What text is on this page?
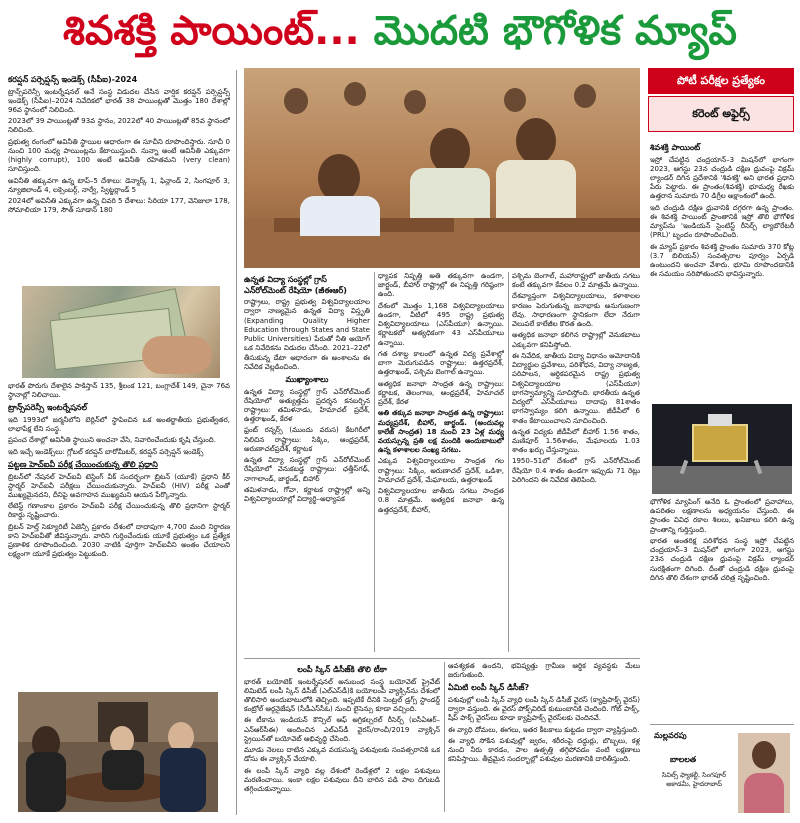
శివశక్తి పాయింట్... మొదటి భౌగోళిక మ్యాప్
కరప్షన్ పర్సెప్షన్స్ ఇండెక్స్ (సీపీఐ)-2024

ట్రాన్స్‌పరెన్సీ ఇంటర్నేషనల్ అనే సంస్థ విడుదల చేసిన వార్షిక కరప్షన్ పర్సెప్షన్స్ ఇండెక్స్ (సీపీఐ)–2024 నివేదికలో భారత్ 38 పాయింట్లతో మొత్తం 180 దేశాల్లో 96వ స్థానంలో నిలిచింది.

2023లో 39 పాయింట్లతో 93వ స్థానం, 2022లో 40 పాయింట్లతో 85వ స్థానంలో నిలిచింది.

ప్రభుత్వ రంగంలో అవినీతి స్థాయిల ఆధారంగా ఈ సూచీని రూపొందిస్తారు. సూచీ 0 నుంచి 100 మధ్య పాయింట్లను కేటాయిస్తుంది. సున్నా అంటే అవినీతి ఎక్కువగా (highly corrupt), 100 అంటే అవినీతి రహితమని (very clean) సూచిస్తుంది.

అవినీతి తక్కువగా ఉన్న టాప్–5 దేశాలు: డెన్మార్క్ 1, ఫిన్లాండ్ 2, సింగపూర్ 3, న్యూజిలాండ్ 4, లక్సెంబర్గ్, నార్వే, స్విట్జర్లాండ్ 5

2024లో అవినీతి ఎక్కువగా ఉన్న చివరి 5 దేశాలు: సిరియా 177, వెనిజులా 178, సోమాలియా 179, సౌత్ సూడాన్ 180

భారత్ పొరుగు దేశాలైన పాకిస్తాన్ 135, శ్రీలంక 121, బంగ్లాదేశ్ 149, చైనా 76వ స్థానాల్లో నిలిచాయి.

ట్రాన్స్‌పరెన్సీ ఇంటర్నేషనల్

ఇది 1993లో జర్మనీలోని బెర్లిన్‌లో స్థాపించిన ఒక అంతర్జాతీయ ప్రభుత్వేతర, లాభాపేక్ష లేని సంస్థ.

ప్రపంచ దేశాల్లో అవినీతి స్థాయిని అంచనా వేసి, నివారించేందుకు కృషి చేస్తుంది.

ఇది ఇచ్చే ఇండెక్స్‌లు: గ్లోబల్ కరప్షన్ బారోమీటర్, కరప్షన్ పర్సెప్షన్ ఇండెక్స్

పట్టణ హెచ్‌ఐవీ పరీక్ష చేయించుకున్న తొలి ప్రధాని

బ్రిటన్‌లో నేషనల్ హెచ్‌ఐవీ టెస్టింగ్ వీక్ సందర్భంగా బ్రిటన్ (యూకే) ప్రధాని కీర్ స్టార్మర్ హెచ్‌ఐవీ పరీక్షలు చేయించుకున్నారు. హెచ్‌ఐవీ (HIV) పరీక్ష ఎంతో ముఖ్యమైనదని, దీనిపై అవగాహన ముఖ్యమని ఆయన పేర్కొన్నారు.

లేటెస్ట్ గణాంకాల ప్రకారం హెచ్‌ఐవీ పరీక్ష చేయించుకున్న తొలి ప్రధానిగా స్టార్మర్ రికార్డు సృష్టించారు.

బ్రిటన్ హెల్త్ సెక్యూరిటీ ఏజెన్సీ ప్రకారం దేశంలో దాదాపుగా 4,700 మంది నిర్ధారణ కాని హెచ్‌ఐవీతో జీవిస్తున్నారు. వారిని గుర్తించేందుకు యూకే ప్రభుత్వం ఒక ప్రత్యేక ప్రణాళిక రూపొందించింది. 2030 నాటికి పూర్తిగా హెచ్‌ఐవీని అంతం చేయాలని లక్ష్యంగా యూకే ప్రభుత్వం పెట్టుకుంది.

ఉన్నత విద్యా సంస్థల్లో గ్రాస్ ఎన్‌రోల్‌మెంట్ రేషియో (జీఈఆర్)

రాష్ట్రాలు, రాష్ట్ర ప్రభుత్వ విశ్వవిద్యాలయాల ద్వారా నాణ్యమైన ఉన్నత విద్యా విస్తృతి (Expanding Quality Higher Education through States and State Public Universities) పేరుతో నీతి ఆయోగ్ ఒక నివేదికను విడుదల చేసింది. 2021–22లో తీసుకున్న డేటా ఆధారంగా ఈ అంశాలను ఈ నివేదిక వెల్లడించింది.

ముఖ్యాంశాలు

ఉన్నత విద్యా సంస్థల్లో గ్రాస్ ఎన్‌రోల్‌మెంట్ రేషియోలో అత్యుత్తమ ప్రదర్శన కనబర్చిన రాష్ట్రాలు: తమిళనాడు, హిమాచల్ ప్రదేశ్, ఉత్తరాఖండ్, కేరళ

ఫ్రంట్ రన్నర్స్ (ముందు వరుస) కేటగిరీలో నిలిచిన రాష్ట్రాలు: సిక్కిం, ఆంధ్రప్రదేశ్, అరుణాచల్‌ప్రదేశ్, కర్ణాటక

ఉన్నత విద్యా సంస్థల్లో గ్రాస్ ఎన్‌రోల్‌మెంట్ రేషియోలో వెనుకబడ్డ రాష్ట్రాలు: ఛత్తీస్‌గఢ్, నాగాలాండ్, జార్ఖండ్, బిహార్

తమిళనాడు, గోవా, కర్ణాటక రాష్ట్రాల్లో అన్ని విశ్వవిద్యాలయాల్లో విద్యార్థి–అధ్యాపక

ధ్యాపక నిష్పత్తి అతి తక్కువగా ఉండగా, జార్ఖండ్, బీహార్ రాష్ట్రాల్లో ఈ నిష్పత్తి గరిష్ఠంగా ఉంది.

దేశంలో మొత్తం 1,168 విశ్వవిద్యాలయాలు ఉండగా, వీటిలో 495 రాష్ట్ర ప్రభుత్వ విశ్వవిద్యాలయాలు (ఎస్‌పీయూ) ఉన్నాయి. కర్ణాటకలో అత్యధికంగా 43 ఎస్‌పీయూలు ఉన్నాయి.

గత దశాబ్ద కాలంలో ఉన్నత విద్య ప్రవేశాల్లో బాగా మెరుగుపడిన రాష్ట్రాలు: ఉత్తరప్రదేశ్, ఉత్తరాఖండ్, పశ్చిమ బెంగాల్ ఉన్నాయి.

అత్యధిక జనాభా సాంద్రత ఉన్న రాష్ట్రాలు: కర్ణాటక, తెలంగాణ, ఆంధ్రప్రదేశ్, హిమాచల్ ప్రదేశ్, కేరళ

అతి తక్కువ జనాభా సాంద్రత ఉన్న రాష్ట్రాలు: మధ్యప్రదేశ్, బీహార్, జార్ఖండ్. (అందువల్ల కాలేజ్ సాంద్రత) 18 నుంచి 23 ఏళ్ల మధ్య వయస్సున్న ప్రతి లక్ష మందికి అందుబాటులో ఉన్న కళాశాలల సంఖ్య సగటు.

ఎక్కువ విశ్వవిద్యాలయాల సాంద్రత గల రాష్ట్రాలు: సిక్కిం, అరుణాచల్ ప్రదేశ్, ఒడిశా, హిమాచల్ ప్రదేశ్, మేఘాలయ, ఉత్తరాఖండ్

విశ్వవిద్యాలయాల జాతీయ సగటు సాంద్రత 0.8 మాత్రమే. అత్యధిక జనాభా ఉన్న ఉత్తరప్రదేశ్, బీహార్,

పశ్చిమ బెంగాల్, మహారాష్ట్రలో జాతీయ సగటు కంటే తక్కువగా కేవలం 0.2 మాత్రమే ఉన్నాయి.

దేశవ్యాప్తంగా విశ్వవిద్యాలయాలు, కళాశాలల కారణం పెరుగుతున్న జనాభాకు అనుగుణంగా లేవు. సాధారణంగా స్థానికంగా లేదా నేరుగా వెలుపలే కాలేజీల కొరత ఉంది.

అత్యధిక జనాభా కలిగిన రాష్ట్రాల్లో వెనుకబాటు ఎక్కువగా కనిపిస్తోంది.

ఈ నివేదిక, జాతీయ విద్యా విధానం ఆమోదానికి విద్యార్థుల ప్రవేశాలు, పరిశోధన, విద్యా నాణ్యత, పరిపాలన, ఆర్థికపరమైన రాష్ట్ర ప్రభుత్వ విశ్వవిద్యాలయాల (ఎస్‌పీయూ) భాగస్వామ్యాన్ని సూచిస్తోంది. భారతీయ ఉన్నత విద్యలో ఎస్‌పీయూలు దాదాపు 81శాతం భాగస్వామ్యం కలిగి ఉన్నాయి. జీడీపీలో 6 శాతం కేటాయించాలని సూచించింది.

ఉన్నత విద్యకు జీడీపీలో బీహార్ 1.56 శాతం, మణిపూర్ 1.56శాతం, మేఘాలయ 1.03 శాతం ఖర్చు చేస్తున్నాయి.

1950–51లో దేశంలో గ్రాస్ ఎన్‌రోల్‌మెంట్ రేషియో 0.4 శాతం ఉండగా ఇప్పుడు 71 రెట్లు పెరిగిందని ఈ నివేదిక తెలిపింది.

లంపీ స్కిన్ డిసీజ్‌కి తొలి టీకా

భారత్ బయోటెక్ ఇంటర్నేషనల్ అనుబంధ సంస్థ బయోవెట్ ప్రైవేట్ లిమిటెడ్ లంపీ స్కిన్ డిసీజ్ (ఎల్‌ఎస్‌డీ)కి బయోలంపీ వ్యాక్సిన్‌ను దేశంలో తొలిసారి అందుబాటులోకి తెచ్చింది. ఇప్పటికే దీనికి సెంట్రల్ డ్రగ్స్ స్టాండర్డ్ కంట్రోల్ ఆర్గనైజేషన్ (సీడీఎస్‌సీఓ) నుంచి లైసెన్సు కూడా వచ్చింది.

ఈ టీకాను ఇండియన్ కౌన్సిల్ ఆఫ్ అగ్రికల్చరల్ రీసెర్చ్ (ఐసీఏఆర్–ఎన్‌ఆర్‌సీఈ) అందించిన ఎల్‌ఎస్‌డీ వైరస్/రాంచీ/2019 వ్యాక్సిన్ స్ట్రెయిన్‌తో బయోవెట్ అభివృద్ధి చేసింది.

మూడు నెలలు దాటిన ఎక్కువ వయసున్న పశువులకు సంవత్సరానికి ఒక డోసు ఈ వ్యాక్సిన్ వేయాలి.

ఈ లంపీ స్కిన్ వ్యాధి వల్ల దేశంలో రెండేళ్లలో 2 లక్షల పశువులు మరణించాయి. ఇంకా లక్షల పశువులు దీని బారిన పడి పాల దిగుబడి తగ్గించుకున్నాయి.

ఆవశ్యకత ఉందని, భవిష్యత్తు గ్రామీణ ఆర్థిక వ్యవస్థకు మేలు జరుగుతుంది.

ఏమిటి లంపీ స్కిన్ డిసీజ్?

పశువుల్లో లంపీ స్కిన్ వ్యాధి లంపీ స్కిన్ డిసీజ్ వైరస్ (క్యాప్రిపాక్స్ వైరస్) ద్వారా వస్తుంది. ఈ వైరస్ పోక్స్‌విరిడే కుటుంబానికి చెందింది. గోట్ పాక్స్, షీప్ పాక్స్ వైరస్‌లు కూడా క్యాప్రిపాక్స్ వైరస్‌లకు చెందినవే.

ఈ వ్యాధి దోమలు, ఈగలు, ఇతర కీటకాలు కుట్టడం ద్వారా వ్యాప్తిస్తుంది.

ఈ వ్యాధి సోకిన పశువుల్లో జ్వరం, శరీరంపై దద్దుర్లు, బొబ్బలు, కళ్ల నుంచి నీరు కారడం, పాల ఉత్పత్తి తగ్గిపోవడం వంటి లక్షణాలు కనిపిస్తాయి. తీవ్రమైన సందర్భాల్లో పశువుల మరణానికి దారితీస్తుంది.

పోటీ పరీక్షల ప్రత్యేకం
కరెంట్ అఫైర్స్
శివశక్తి పాయింట్

ఇస్రో చేపట్టిన చంద్రయాన్–3 మిషన్‌లో భాగంగా 2023, ఆగస్టు 23న చంద్రుడి దక్షిణ ధ్రువంపై విక్రమ్ ల్యాండర్ దిగిన ప్రదేశానికి 'శివశక్తి' అని భారత ప్రధాని పేరు పెట్టారు. ఈ ప్రాంతం(శివశక్తి) భూమధ్య రేఖకు ఉత్తరాన సుమారు 70 డిగ్రీల అక్షాంశంలో ఉంది.

ఇది చంద్రుడి దక్షిణ ధ్రువానికి దగ్గరగా ఉన్న ప్రాంతం. ఈ శివశక్తి పాయింట్ ప్రాంతానికి ఇస్రో తొలి భౌగోళిక మ్యాప్‌ను 'ఇండియన్ సైంటిస్ట్ రీసెర్చ్ ల్యాబొరేటరీ (PRL)' బృందం రూపొందించింది.

ఈ మ్యాప్ ప్రకారం శివశక్తి ప్రాంతం సుమారు 370 కోట్ల (3.7 బిలియన్) సంవత్సరాల పూర్వం ఏర్పడి ఉంటుందని అంచనా వేశారు. భూమి రూపొందడానికి ఈ సమయం సరిపోతుందని భావిస్తున్నారు.

భౌగోళిక మ్యాపింగ్ అనేది ఓ ప్రాంతంలో ప్రవాహాలు, ఉపరితల లక్షణాలను అధ్యయనం చేస్తుంది. ఈ ప్రాంతం వివిధ రకాల శిలలు, ఖనిజాలు కలిగి ఉన్న ప్రాంతాన్ని గుర్తిస్తుంది.

భారత అంతరిక్ష పరిశోధన సంస్థ ఇస్రో చేపట్టిన చంద్రయాన్–3 మిషన్‌లో భాగంగా 2023, ఆగస్టు 23న చంద్రుడి దక్షిణ ధ్రువంపై విక్రమ్ ల్యాండర్ సురక్షితంగా దిగింది. దీంతో చంద్రుడి దక్షిణ ధ్రువంపై దిగిన తొలి దేశంగా భారత్ చరిత్ర సృష్టించింది.

మల్లవరపు
బాలలత
సివిల్స్ ఫ్యాకల్టీ, సింగపూర్ అకాడమీ, హైదరాబాద్
